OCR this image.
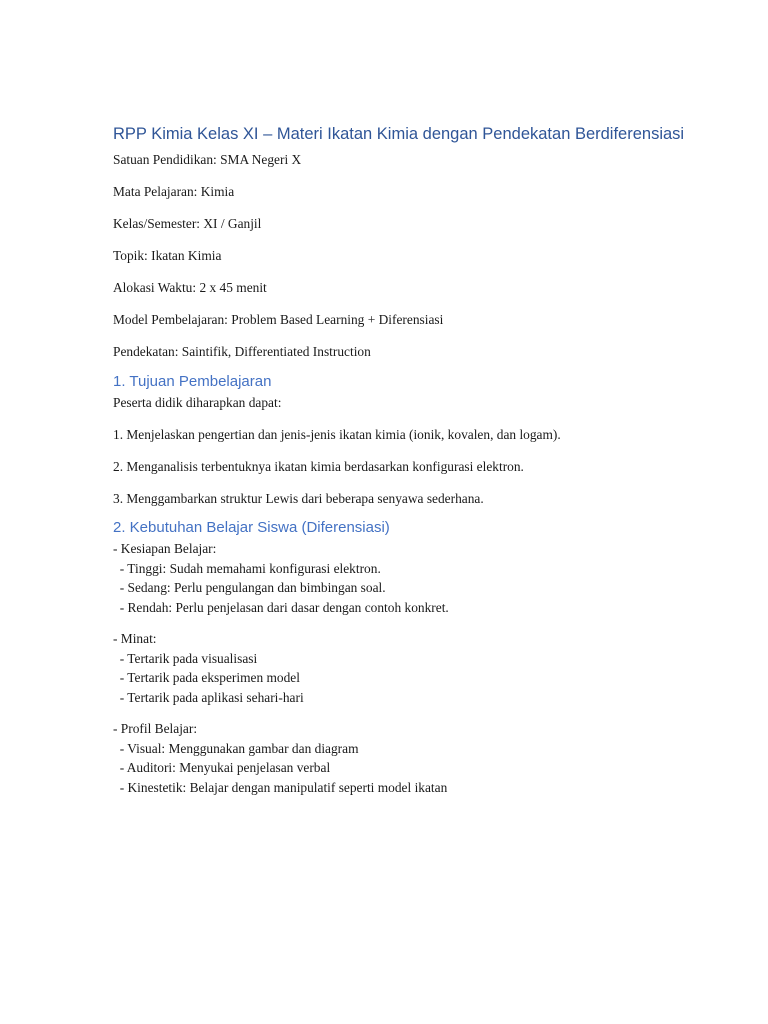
RPP Kimia Kelas XI – Materi Ikatan Kimia dengan Pendekatan Berdiferensiasi

Satuan Pendidikan: SMA Negeri X

Mata Pelajaran: Kimia

Kelas/Semester: XI / Ganjil

Topik: Ikatan Kimia

Alokasi Waktu: 2 x 45 menit

Model Pembelajaran: Problem Based Learning + Diferensiasi

Pendekatan: Saintifik, Differentiated Instruction

1. Tujuan Pembelajaran

Peserta didik diharapkan dapat:

1. Menjelaskan pengertian dan jenis-jenis ikatan kimia (ionik, kovalen, dan logam).

2. Menganalisis terbentuknya ikatan kimia berdasarkan konfigurasi elektron.

3. Menggambarkan struktur Lewis dari beberapa senyawa sederhana.

2. Kebutuhan Belajar Siswa (Diferensiasi)
- Kesiapan Belajar:
- Tinggi: Sudah memahami konfigurasi elektron.
- Sedang: Perlu pengulangan dan bimbingan soal.
- Rendah: Perlu penjelasan dari dasar dengan contoh konkret.
- Minat:
- Tertarik pada visualisasi
- Tertarik pada eksperimen model
- Tertarik pada aplikasi sehari-hari
- Profil Belajar:
- Visual: Menggunakan gambar dan diagram
- Auditori: Menyukai penjelasan verbal
- Kinestetik: Belajar dengan manipulatif seperti model ikatan
